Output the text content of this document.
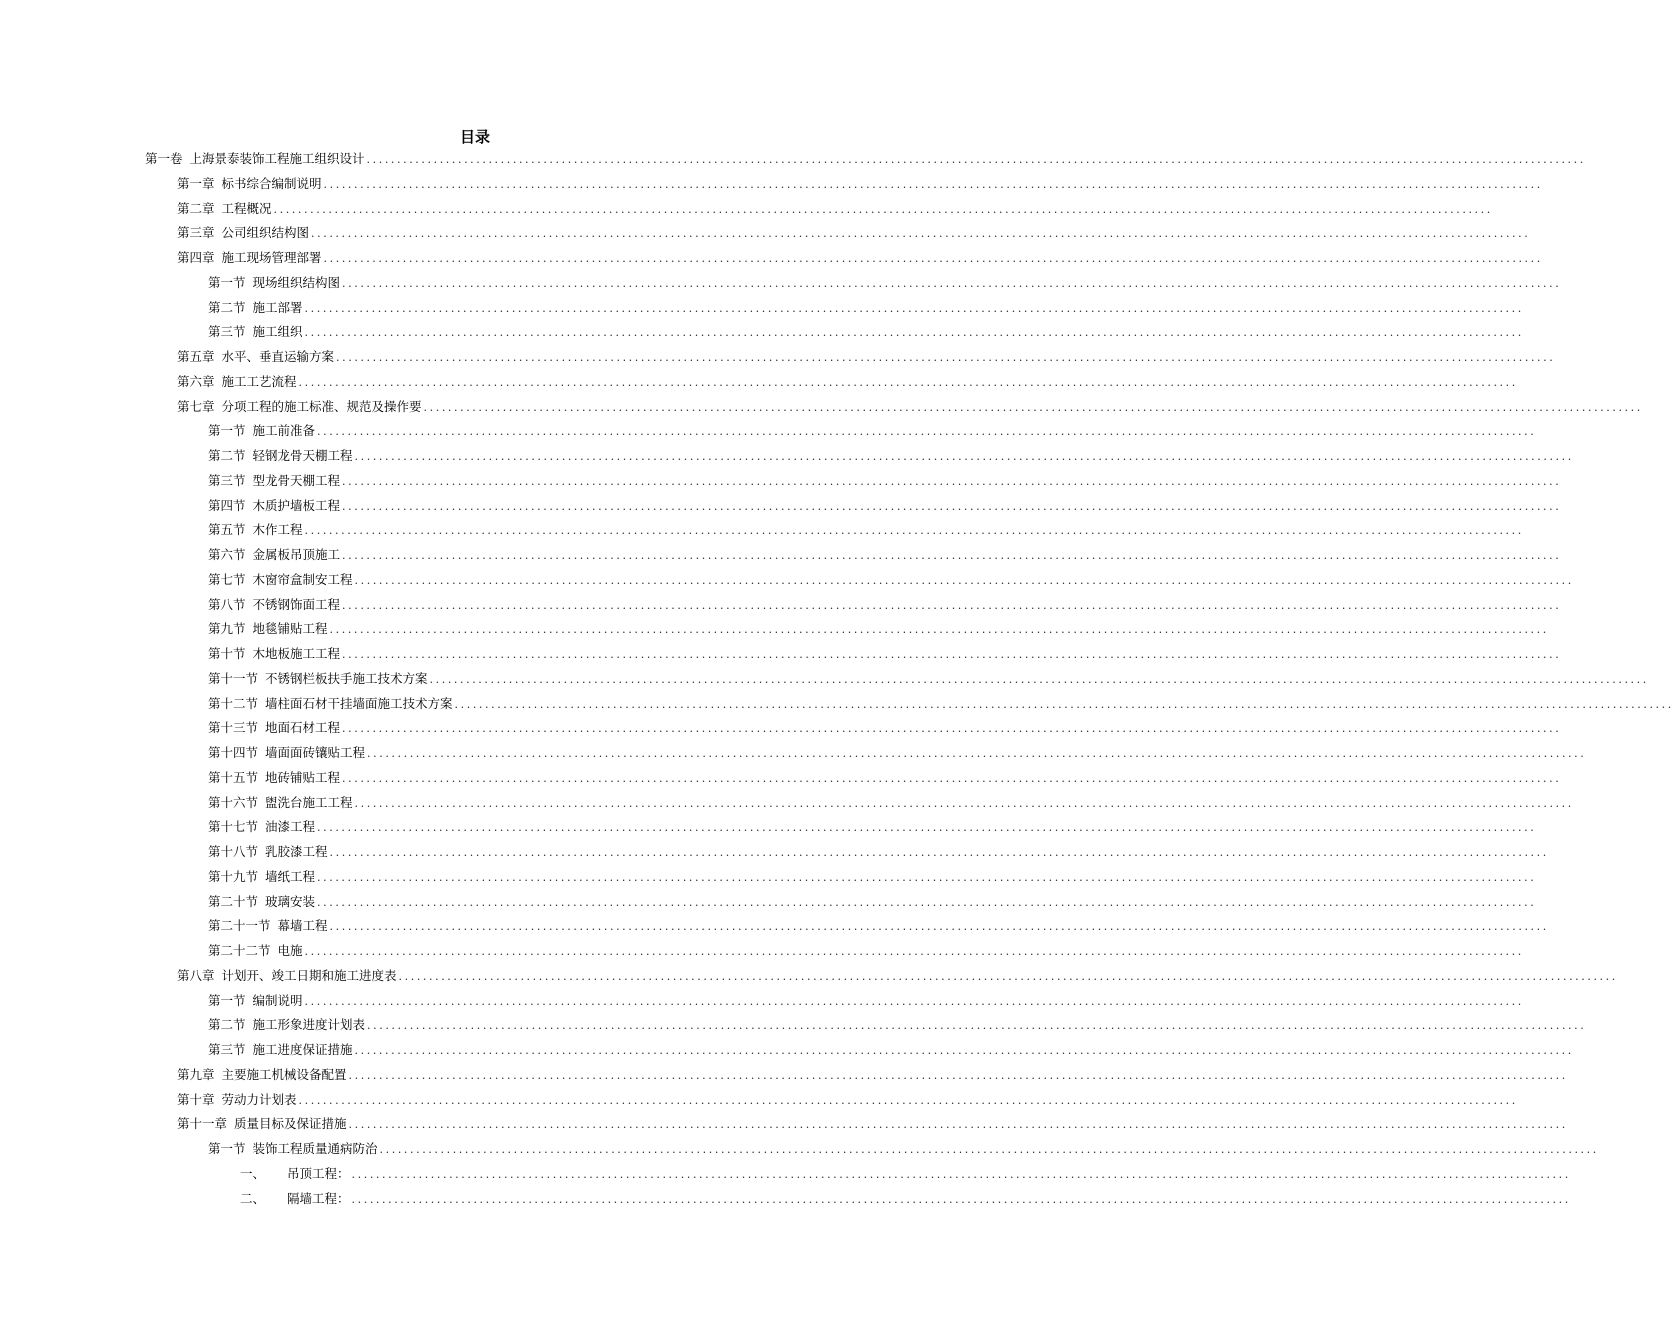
目录
第一卷 上海景泰装饰工程施工组织设计 ........................................................................................................................................................................................................
第一章 标书综合编制说明 ........................................................................................................................................................................................................
第二章 工程概况 ........................................................................................................................................................................................................
第三章 公司组织结构图 ........................................................................................................................................................................................................
第四章 施工现场管理部署 ........................................................................................................................................................................................................
第一节 现场组织结构图 ........................................................................................................................................................................................................
第二节 施工部署 ........................................................................................................................................................................................................
第三节 施工组织 ........................................................................................................................................................................................................
第五章 水平、垂直运输方案 ........................................................................................................................................................................................................
第六章 施工工艺流程 ........................................................................................................................................................................................................
第七章 分项工程的施工标准、规范及操作要 ........................................................................................................................................................................................................
第一节 施工前准备 ........................................................................................................................................................................................................
第二节 轻钢龙骨天棚工程 ........................................................................................................................................................................................................
第三节 型龙骨天棚工程 ........................................................................................................................................................................................................
第四节 木质护墙板工程 ........................................................................................................................................................................................................
第五节 木作工程 ........................................................................................................................................................................................................
第六节 金属板吊顶施工 ........................................................................................................................................................................................................
第七节 木窗帘盒制安工程 ........................................................................................................................................................................................................
第八节 不锈钢饰面工程 ........................................................................................................................................................................................................
第九节 地毯铺贴工程 ........................................................................................................................................................................................................
第十节 木地板施工工程 ........................................................................................................................................................................................................
第十一节 不锈钢栏板扶手施工技术方案 ........................................................................................................................................................................................................
第十二节 墙柱面石材干挂墙面施工技术方案 ........................................................................................................................................................................................................
第十三节 地面石材工程 ........................................................................................................................................................................................................
第十四节 墙面面砖镶贴工程 ........................................................................................................................................................................................................
第十五节 地砖铺贴工程 ........................................................................................................................................................................................................
第十六节 盥洗台施工工程 ........................................................................................................................................................................................................
第十七节 油漆工程 ........................................................................................................................................................................................................
第十八节 乳胶漆工程 ........................................................................................................................................................................................................
第十九节 墙纸工程 ........................................................................................................................................................................................................
第二十节 玻璃安装 ........................................................................................................................................................................................................
第二十一节 幕墙工程 ........................................................................................................................................................................................................
第二十二节 电施 ........................................................................................................................................................................................................
第八章 计划开、竣工日期和施工进度表 ........................................................................................................................................................................................................
第一节 编制说明 ........................................................................................................................................................................................................
第二节 施工形象进度计划表 ........................................................................................................................................................................................................
第三节 施工进度保证措施 ........................................................................................................................................................................................................
第九章 主要施工机械设备配置 ........................................................................................................................................................................................................
第十章 劳动力计划表 ........................................................................................................................................................................................................
第十一章 质量目标及保证措施 ........................................................................................................................................................................................................
第一节 装饰工程质量通病防治 ........................................................................................................................................................................................................
一、 吊顶工程： ........................................................................................................................................................................................................
二、 隔墙工程： ........................................................................................................................................................................................................
